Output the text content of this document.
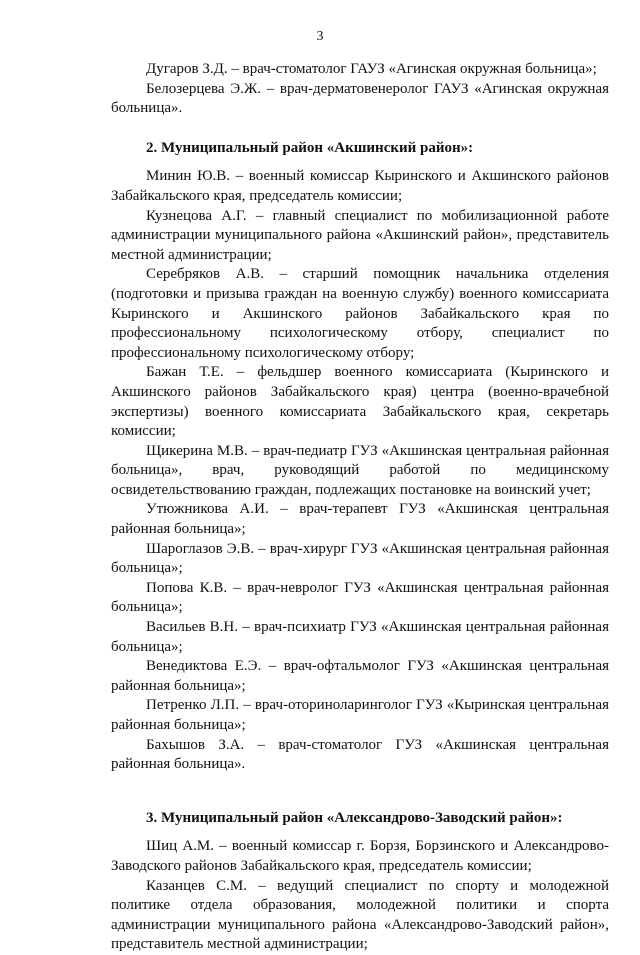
3

Дугаров З.Д. – врач-стоматолог ГАУЗ «Агинская окружная больница»;

Белозерцева Э.Ж. – врач-дерматовенеролог ГАУЗ «Агинская окружная больница».

2. Муниципальный район «Акшинский район»:

Минин Ю.В. – военный комиссар Кыринского и Акшинского районов Забайкальского края, председатель комиссии;

Кузнецова А.Г. – главный специалист по мобилизационной работе администрации муниципального района «Акшинский район», представитель местной администрации;

Серебряков А.В. – старший помощник начальника отделения (подготовки и призыва граждан на военную службу) военного комиссариата Кыринского и Акшинского районов Забайкальского края по профессиональному психологическому отбору, специалист по профессиональному психологическому отбору;

Бажан Т.Е. – фельдшер военного комиссариата (Кыринского и Акшинского районов Забайкальского края) центра (военно-врачебной экспертизы) военного комиссариата Забайкальского края, секретарь комиссии;

Щикерина М.В. – врач-педиатр ГУЗ «Акшинская центральная районная больница», врач, руководящий работой по медицинскому освидетельствованию граждан, подлежащих постановке на воинский учет;

Утюжникова А.И. – врач-терапевт ГУЗ «Акшинская центральная районная больница»;

Шароглазов Э.В. – врач-хирург ГУЗ «Акшинская центральная районная больница»;

Попова К.В. – врач-невролог ГУЗ «Акшинская центральная районная больница»;

Васильев В.Н. – врач-психиатр ГУЗ «Акшинская центральная районная больница»;

Венедиктова Е.Э. – врач-офтальмолог ГУЗ «Акшинская центральная районная больница»;

Петренко Л.П. – врач-оториноларинголог ГУЗ «Кыринская центральная районная больница»;

Бахышов З.А. – врач-стоматолог ГУЗ «Акшинская центральная районная больница».

3. Муниципальный район «Александрово-Заводский район»:

Шиц А.М. – военный комиссар г. Борзя, Борзинского и Александрово-Заводского районов Забайкальского края, председатель комиссии;

Казанцев С.М. – ведущий специалист по спорту и молодежной политике отдела образования, молодежной политики и спорта администрации муниципального района «Александрово-Заводский район», представитель местной администрации;
